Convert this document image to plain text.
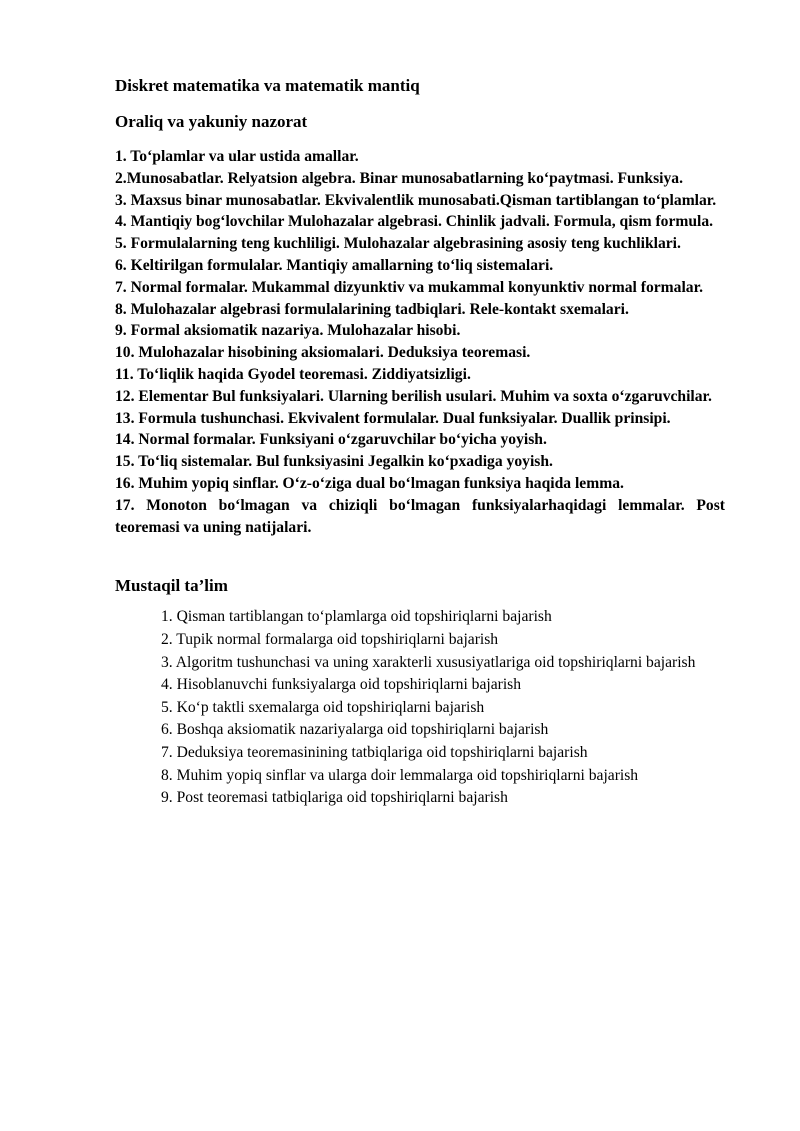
Diskret matematika va matematik mantiq
Oraliq va yakuniy nazorat
1. To‘plamlar va ular ustida amallar.
2.Munosabatlar. Relyatsion algebra. Binar munosabatlarning ko‘paytmasi. Funksiya.
3. Maxsus binar munosabatlar. Ekvivalentlik munosabati.Qisman tartiblangan to‘plamlar.
4. Mantiqiy bog‘lovchilar Mulohazalar algebrasi. Chinlik jadvali. Formula, qism formula.
5. Formulalarning teng kuchliligi. Mulohazalar algebrasining asosiy teng kuchliklari.
6. Keltirilgan formulalar. Mantiqiy amallarning to‘liq sistemalari.
7. Normal formalar. Mukammal dizyunktiv va mukammal konyunktiv normal formalar.
8. Mulohazalar algebrasi formulalarining tadbiqlari. Rele-kontakt sxemalari.
9. Formal aksiomatik nazariya. Mulohazalar hisobi.
10. Mulohazalar hisobining aksiomalari. Deduksiya teoremasi.
11. To‘liqlik haqida Gyodel teoremasi. Ziddiyatsizligi.
12. Elementar Bul funksiyalari. Ularning berilish usulari. Muhim va soxta o‘zgaruvchilar.
13. Formula tushunchasi. Ekvivalent formulalar. Dual funksiyalar. Duallik prinsipi.
14. Normal formalar. Funksiyani o‘zgaruvchilar bo‘yicha yoyish.
15. To‘liq sistemalar. Bul funksiyasini Jegalkin ko‘pxadiga yoyish.
16. Muhim yopiq sinflar. O‘z-o‘ziga dual bo‘lmagan funksiya haqida lemma.
17. Monoton bo‘lmagan va chiziqli bo‘lmagan funksiyalarhaqidagi lemmalar. Post teoremasi va uning natijalari.
Mustaqil ta’lim
1. Qisman tartiblangan to‘plamlarga oid topshiriqlarni bajarish
2. Tupik normal formalarga oid topshiriqlarni bajarish
3. Algoritm tushunchasi va uning xarakterli xususiyatlariga oid topshiriqlarni bajarish
4. Hisoblanuvchi funksiyalarga oid topshiriqlarni bajarish
5. Ko‘p taktli sxemalarga oid topshiriqlarni bajarish
6. Boshqa aksiomatik nazariyalarga oid topshiriqlarni bajarish
7. Deduksiya teoremasinining tatbiqlariga oid topshiriqlarni bajarish
8. Muhim yopiq sinflar va ularga doir lemmalarga oid topshiriqlarni bajarish
9. Post teoremasi tatbiqlariga oid topshiriqlarni bajarish
